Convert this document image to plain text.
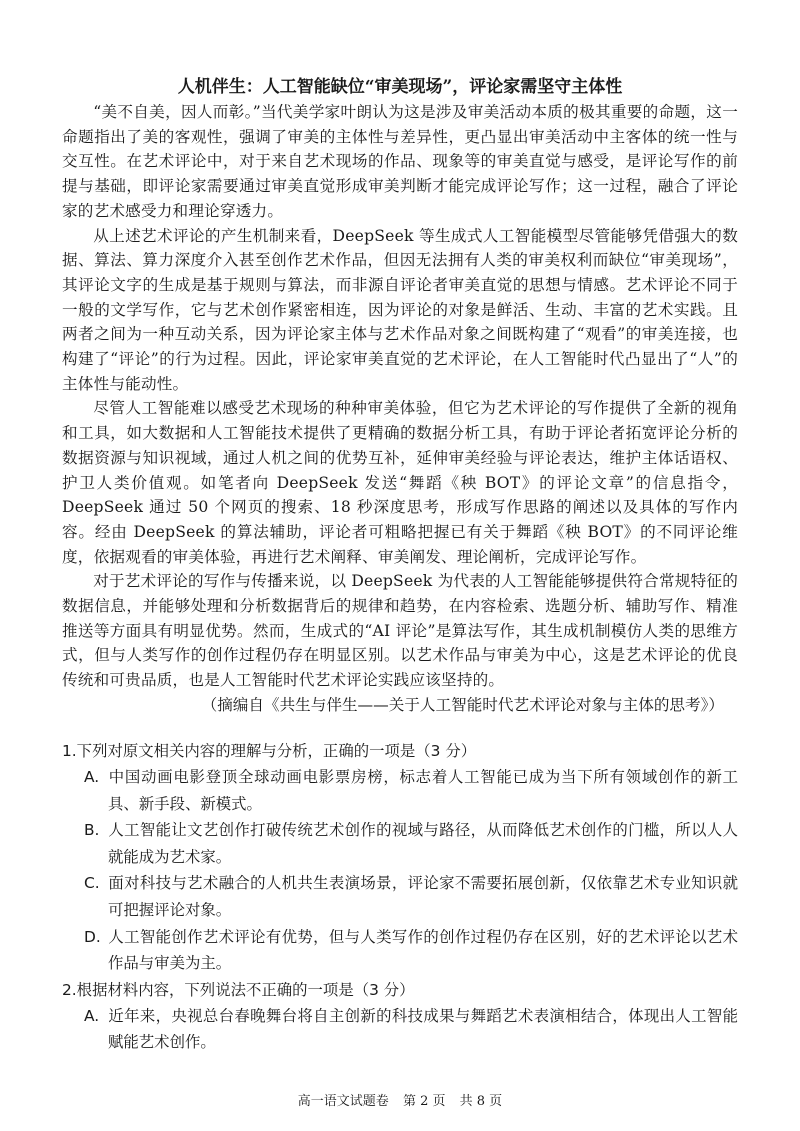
人机伴生：人工智能缺位“审美现场”，评论家需坚守主体性

“美不自美，因人而彰。”当代美学家叶朗认为这是涉及审美活动本质的极其重要的命题，这一命题指出了美的客观性，强调了审美的主体性与差异性，更凸显出审美活动中主客体的统一性与交互性。在艺术评论中，对于来自艺术现场的作品、现象等的审美直觉与感受，是评论写作的前提与基础，即评论家需要通过审美直觉形成审美判断才能完成评论写作；这一过程，融合了评论家的艺术感受力和理论穿透力。

从上述艺术评论的产生机制来看，DeepSeek 等生成式人工智能模型尽管能够凭借强大的数据、算法、算力深度介入甚至创作艺术作品，但因无法拥有人类的审美权利而缺位“审美现场”，其评论文字的生成是基于规则与算法，而非源自评论者审美直觉的思想与情感。艺术评论不同于一般的文学写作，它与艺术创作紧密相连，因为评论的对象是鲜活、生动、丰富的艺术实践。且两者之间为一种互动关系，因为评论家主体与艺术作品对象之间既构建了“观看”的审美连接，也构建了“评论”的行为过程。因此，评论家审美直觉的艺术评论，在人工智能时代凸显出了“人”的主体性与能动性。

尽管人工智能难以感受艺术现场的种种审美体验，但它为艺术评论的写作提供了全新的视角和工具，如大数据和人工智能技术提供了更精确的数据分析工具，有助于评论者拓宽评论分析的数据资源与知识视域，通过人机之间的优势互补，延伸审美经验与评论表达，维护主体话语权、护卫人类价值观。如笔者向 DeepSeek 发送“舞蹈《秧 BOT》的评论文章”的信息指令，DeepSeek 通过 50 个网页的搜索、18 秒深度思考，形成写作思路的阐述以及具体的写作内容。经由 DeepSeek 的算法辅助，评论者可粗略把握已有关于舞蹈《秧 BOT》的不同评论维度，依据观看的审美体验，再进行艺术阐释、审美阐发、理论阐析，完成评论写作。

对于艺术评论的写作与传播来说，以 DeepSeek 为代表的人工智能能够提供符合常规特征的数据信息，并能够处理和分析数据背后的规律和趋势，在内容检索、选题分析、辅助写作、精准推送等方面具有明显优势。然而，生成式的“AI 评论”是算法写作，其生成机制模仿人类的思维方式，但与人类写作的创作过程仍存在明显区别。以艺术作品与审美为中心，这是艺术评论的优良传统和可贵品质，也是人工智能时代艺术评论实践应该坚持的。

（摘编自《共生与伴生——关于人工智能时代艺术评论对象与主体的思考》）

1.下列对原文相关内容的理解与分析，正确的一项是（3 分）

A. 中国动画电影登顶全球动画电影票房榜，标志着人工智能已成为当下所有领域创作的新工具、新手段、新模式。

B. 人工智能让文艺创作打破传统艺术创作的视域与路径，从而降低艺术创作的门槛，所以人人就能成为艺术家。

C. 面对科技与艺术融合的人机共生表演场景，评论家不需要拓展创新，仅依靠艺术专业知识就可把握评论对象。

D. 人工智能创作艺术评论有优势，但与人类写作的创作过程仍存在区别，好的艺术评论以艺术作品与审美为主。

2.根据材料内容，下列说法不正确的一项是（3 分）

A. 近年来，央视总台春晚舞台将自主创新的科技成果与舞蹈艺术表演相结合，体现出人工智能赋能艺术创作。

高一语文试题卷 第 2 页 共 8 页
